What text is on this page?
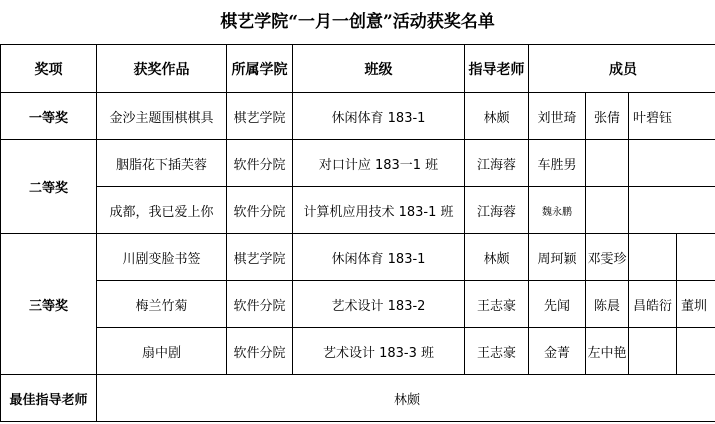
棋艺学院“一月一创意”活动获奖名单
奖项	获奖作品	所属学院	班级	指导老师	成员			
一等奖	金沙主题围棋棋具	棋艺学院	休闲体育 183-1	林颇	刘世琦	张倩	叶碧钰	
二等奖	胭脂花下插芙蓉	软件分院	对口计应 183一1 班	江海蓉	车胜男			
	成都，我已爱上你	软件分院	计算机应用技术 183-1 班	江海蓉	魏永鹏			
三等奖	川剧变脸书签	棋艺学院	休闲体育 183-1	林颇	周珂颖	邓雯珍		
	梅兰竹菊	软件分院	艺术设计 183-2	王志豪	先闻	陈晨	昌皓衍	董圳
	扇中剧	软件分院	艺术设计 183-3 班	王志豪	金菁	左中艳		
最佳指导老师	林颇							
